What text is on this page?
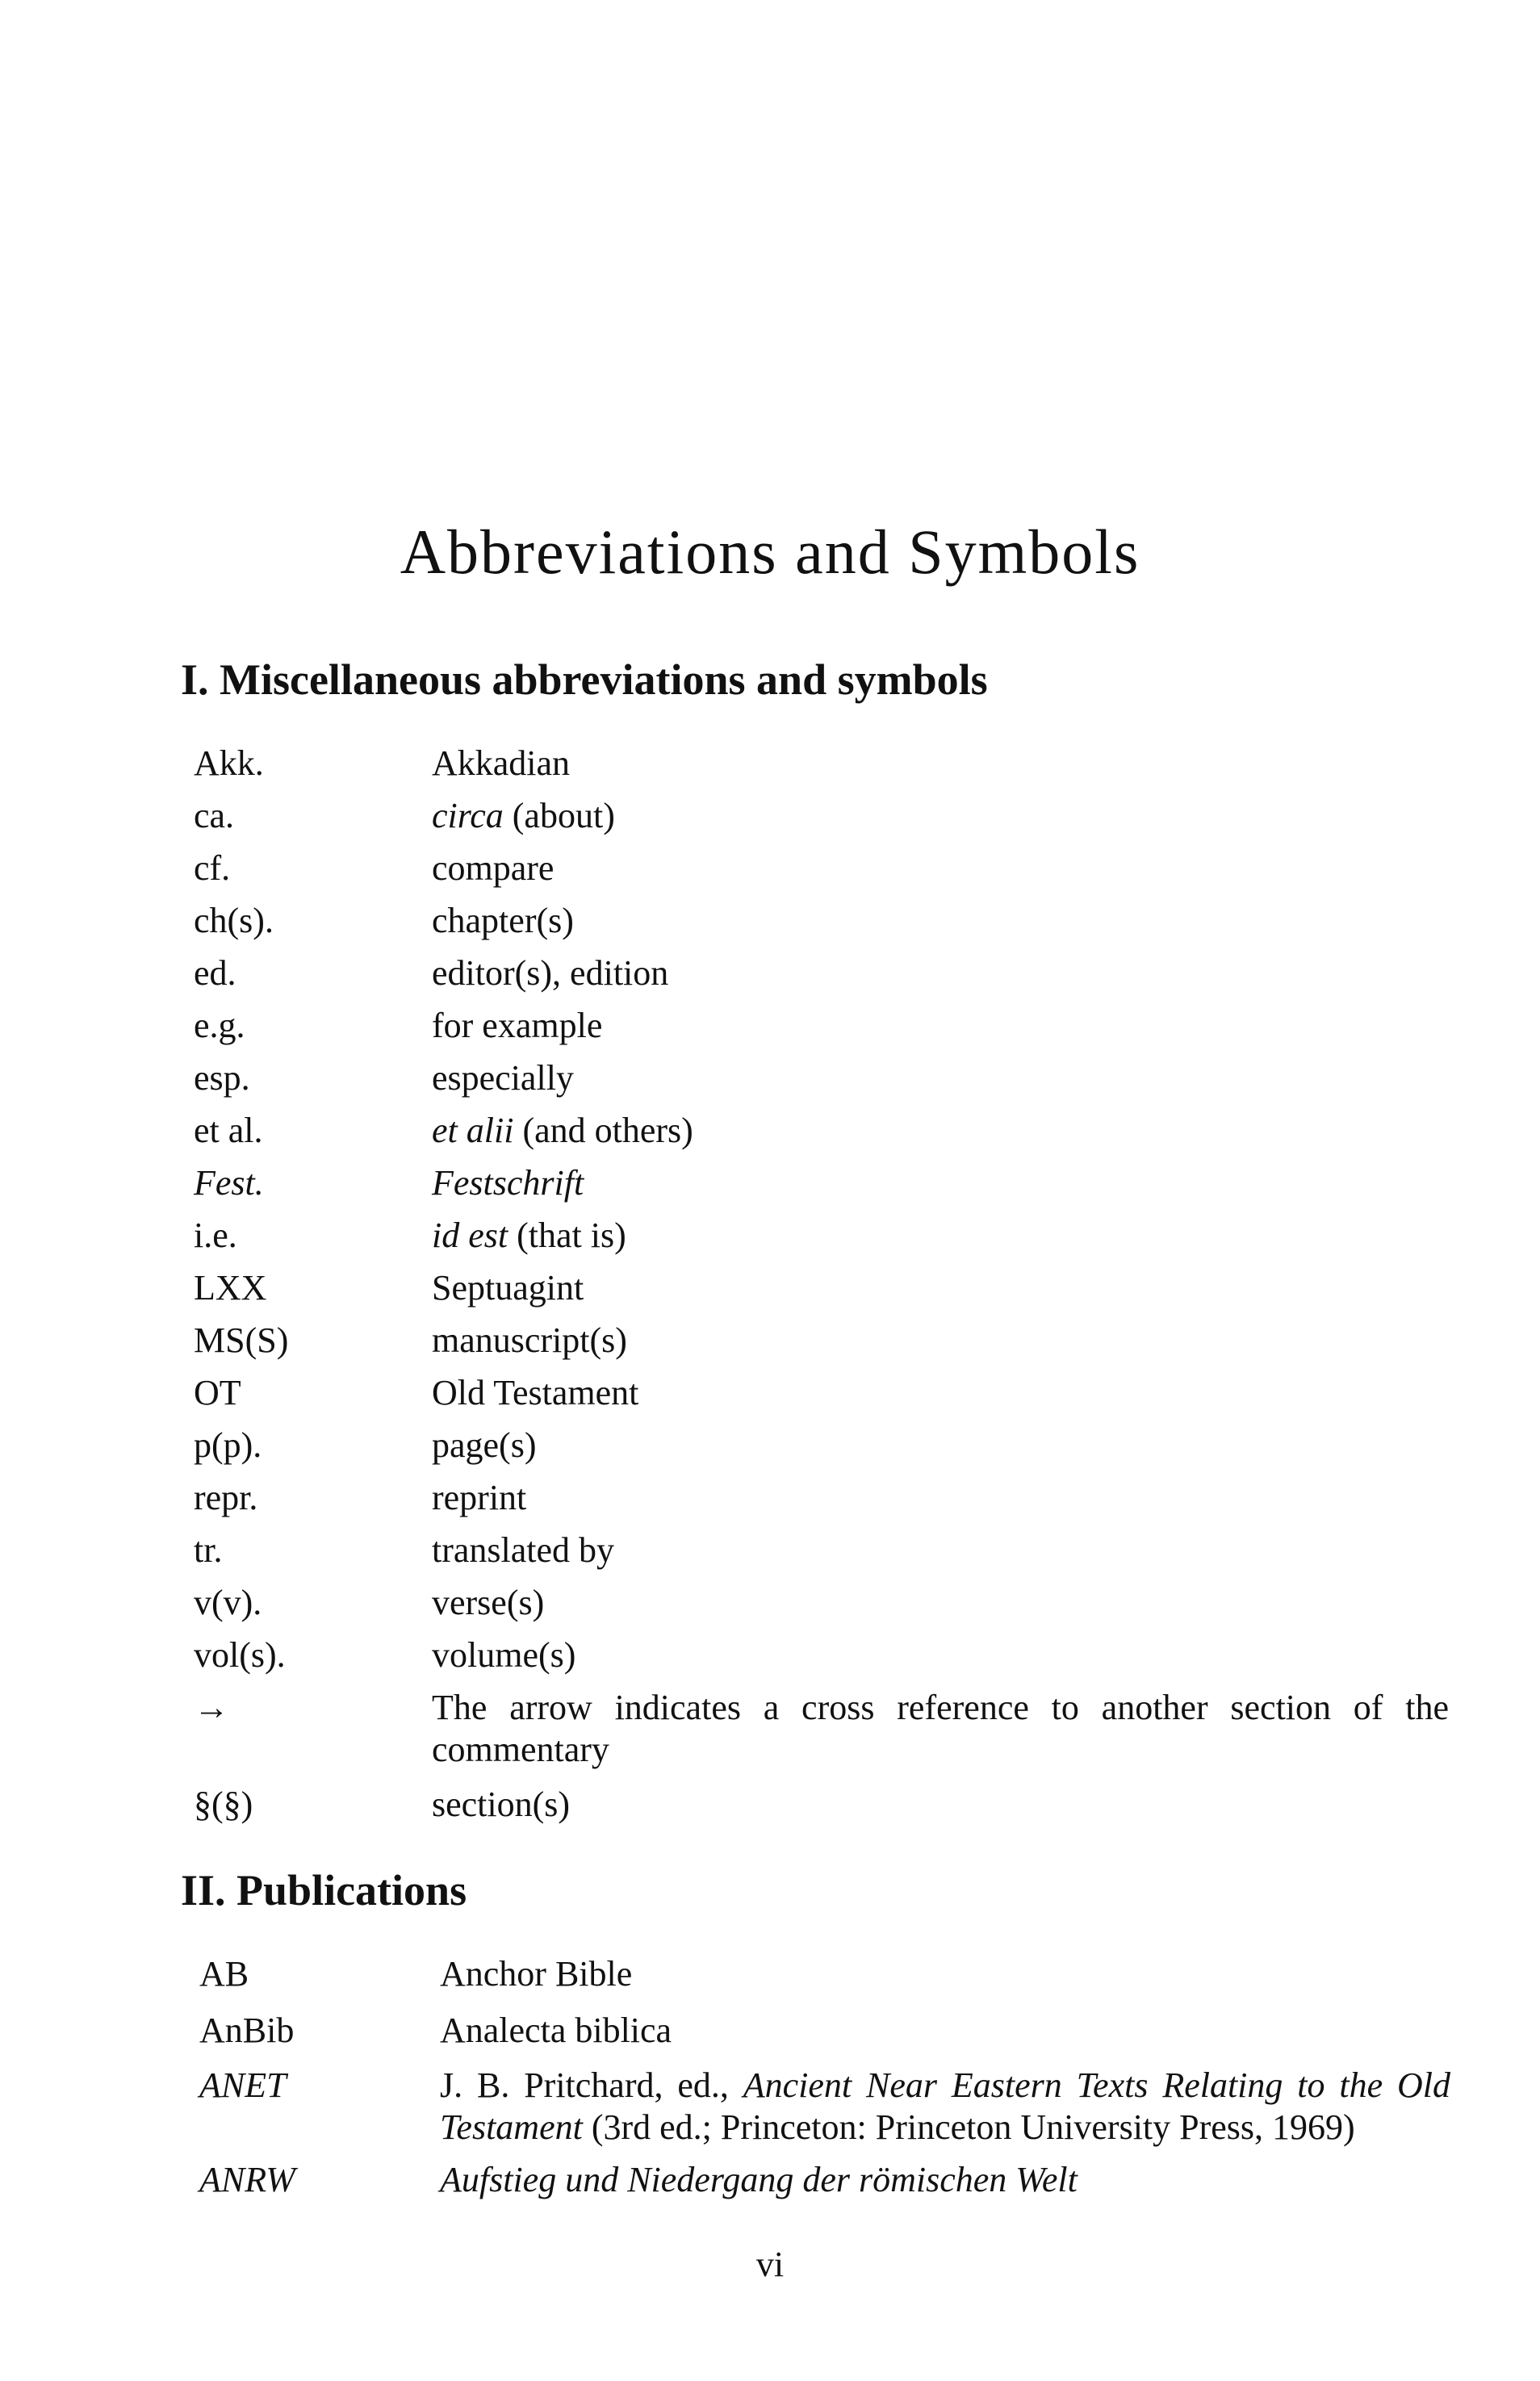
Abbreviations and Symbols
I. Miscellaneous abbreviations and symbols
Akk.	Akkadian
ca.	circa (about)
cf.	compare
ch(s).	chapter(s)
ed.	editor(s), edition
e.g.	for example
esp.	especially
et al.	et alii (and others)
Fest.	Festschrift
i.e.	id est (that is)
LXX	Septuagint
MS(S)	manuscript(s)
OT	Old Testament
p(p).	page(s)
repr.	reprint
tr.	translated by
v(v).	verse(s)
vol(s).	volume(s)
→	The arrow indicates a cross reference to another section of the commentary
§(§)	section(s)
II. Publications
AB	Anchor Bible
AnBib	Analecta biblica
ANET	J. B. Pritchard, ed., Ancient Near Eastern Texts Relating to the Old Testament (3rd ed.; Princeton: Princeton University Press, 1969)
ANRW	Aufstieg und Niedergang der römischen Welt
vi
